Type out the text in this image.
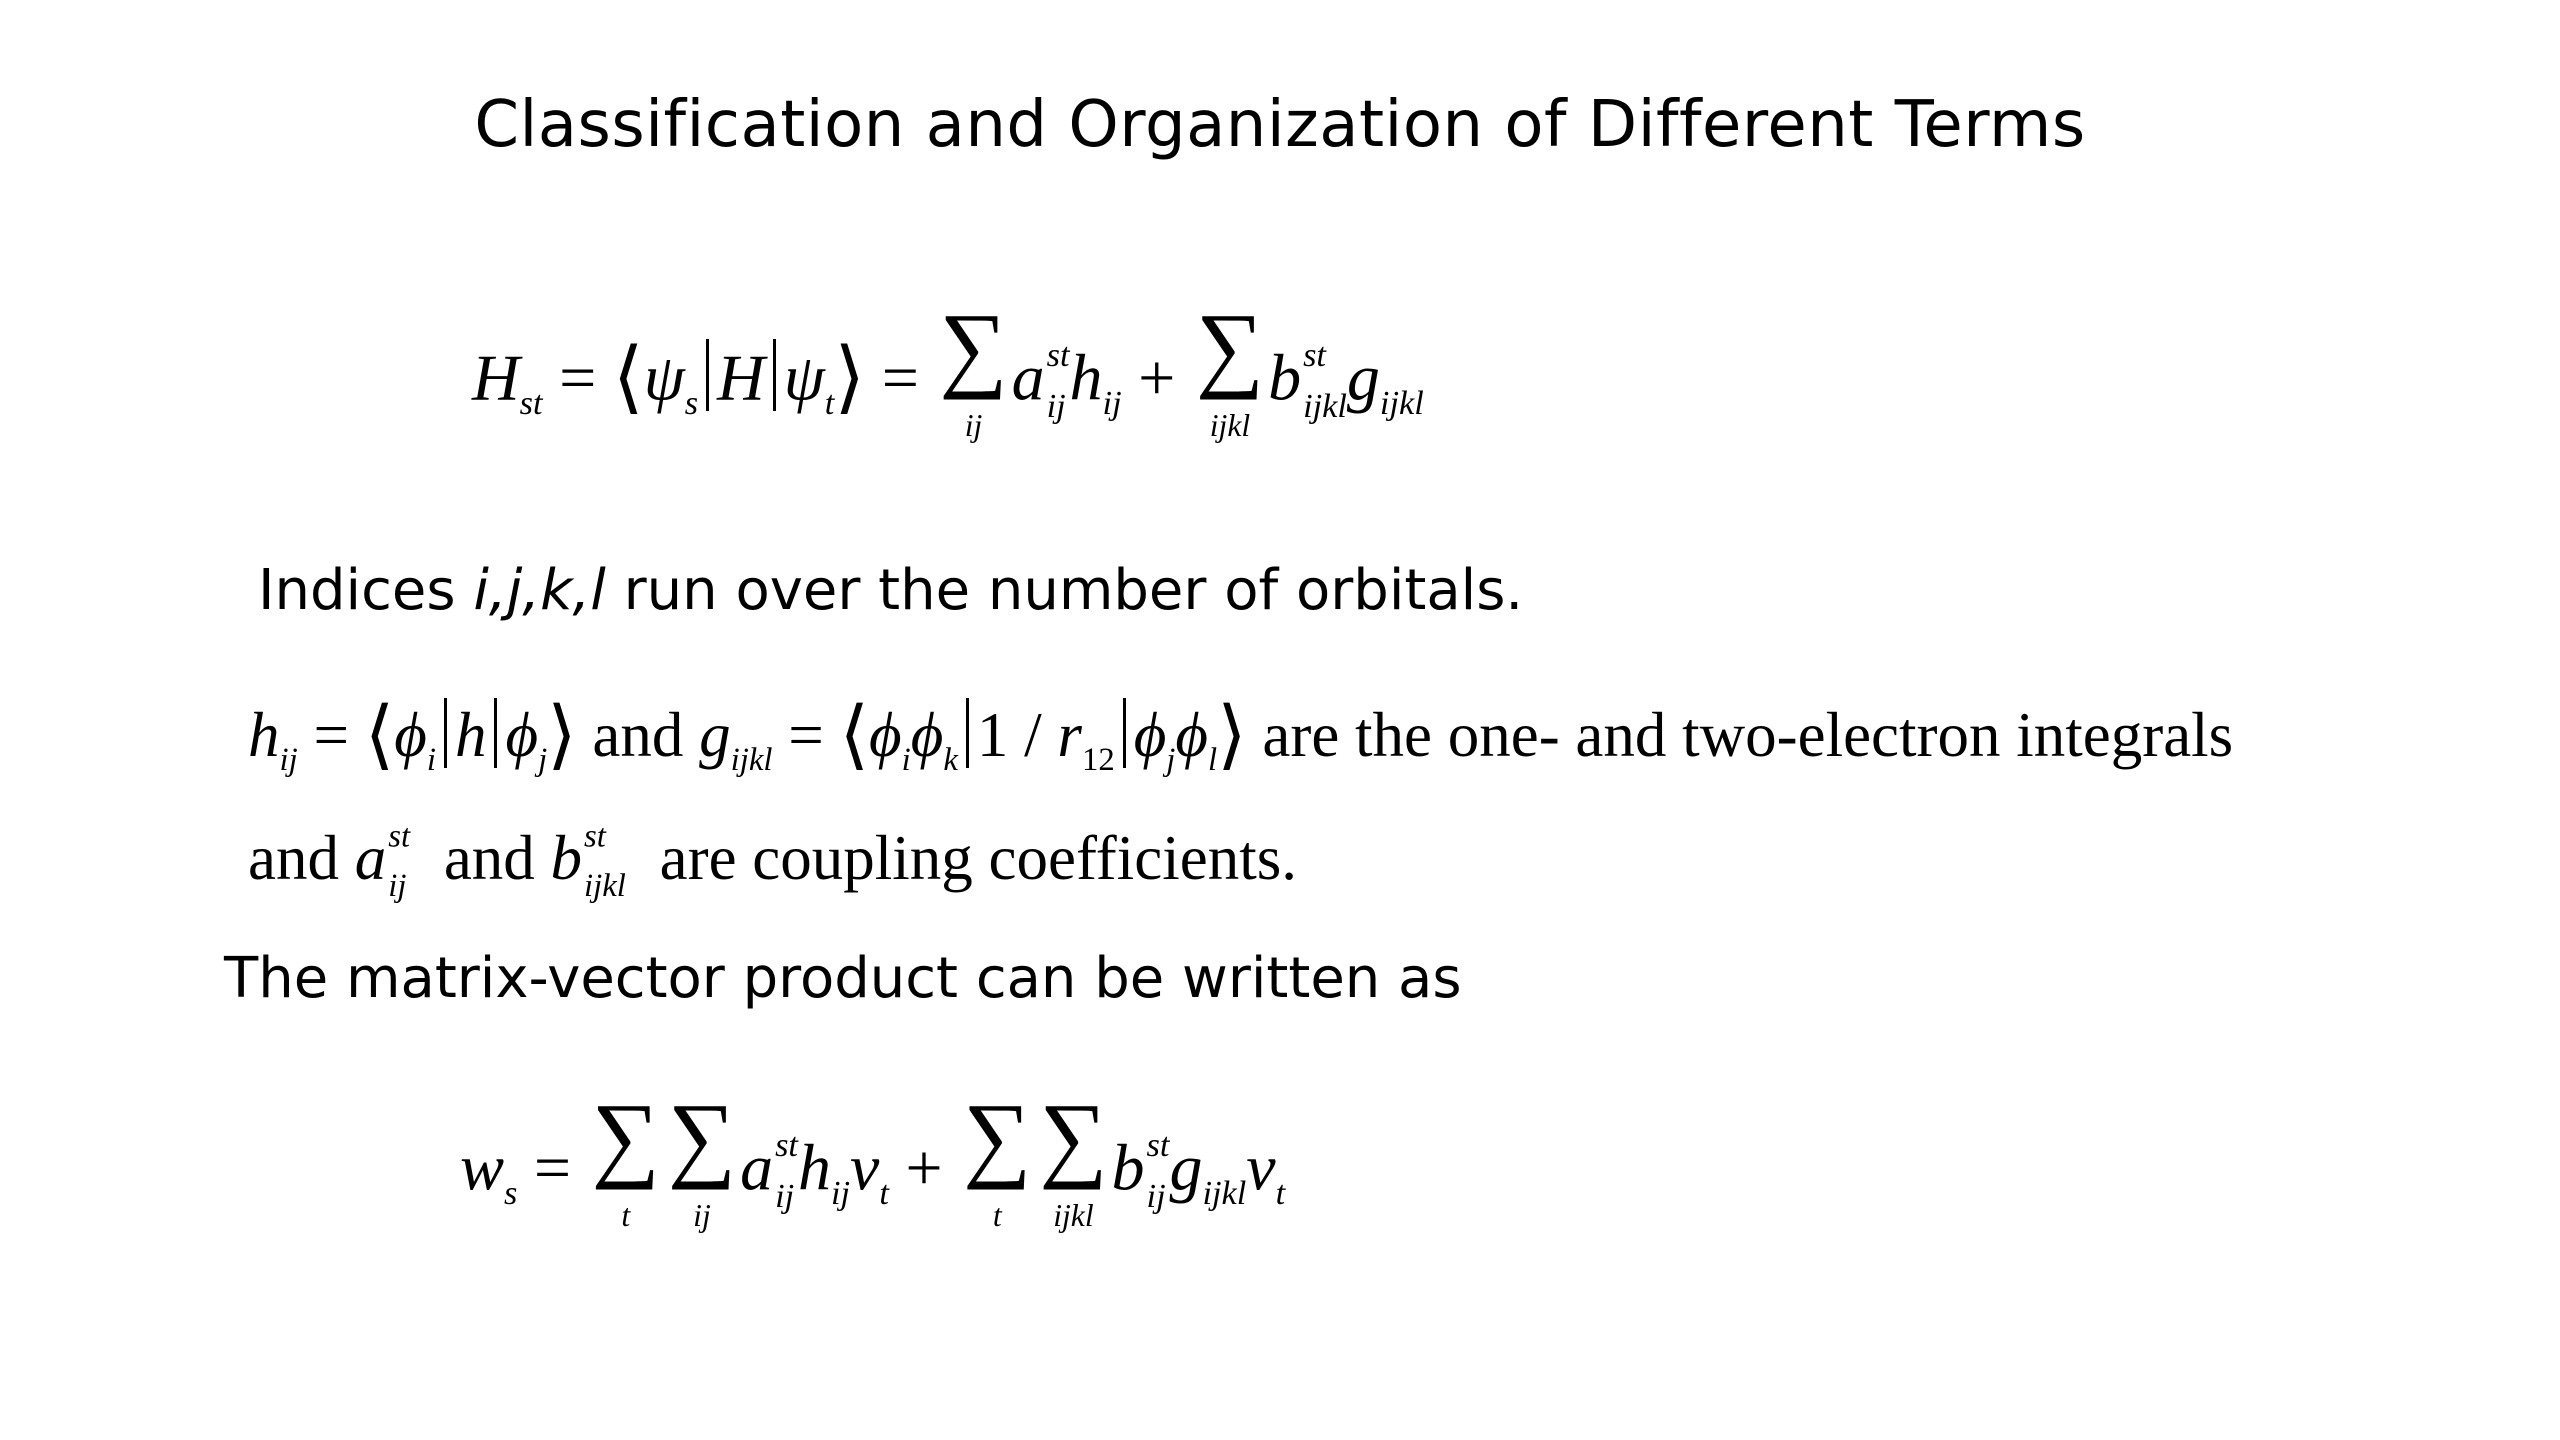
Classification and Organization of Different Terms
$H_{st}$ = $⟨\psi_s$ H $\psi_t⟩$ = ∑
ij
a st
ij $h_{ij}$ + ∑
ijkl
b st
ijkl $g_{ijkl}$
Indices i,j,k,l run over the number of orbitals.
$h_{ij}$ = $⟨\phi_i$ h $\phi_j⟩$ and $g_{ijkl}$ = $⟨\phi_i\phi_k$ $1 / r_{12}$ $\phi_j\phi_l⟩$ are the one- and two-electron integrals
and a st
ij and b st
ijkl are coupling coefficients.
The matrix-vector product can be written as
$w_s$ = ∑
t
∑
ij
a st
ij $h_{ij}v_t$ + ∑
t
∑
ijkl
b st
ij $g_{ijkl}v_t$
